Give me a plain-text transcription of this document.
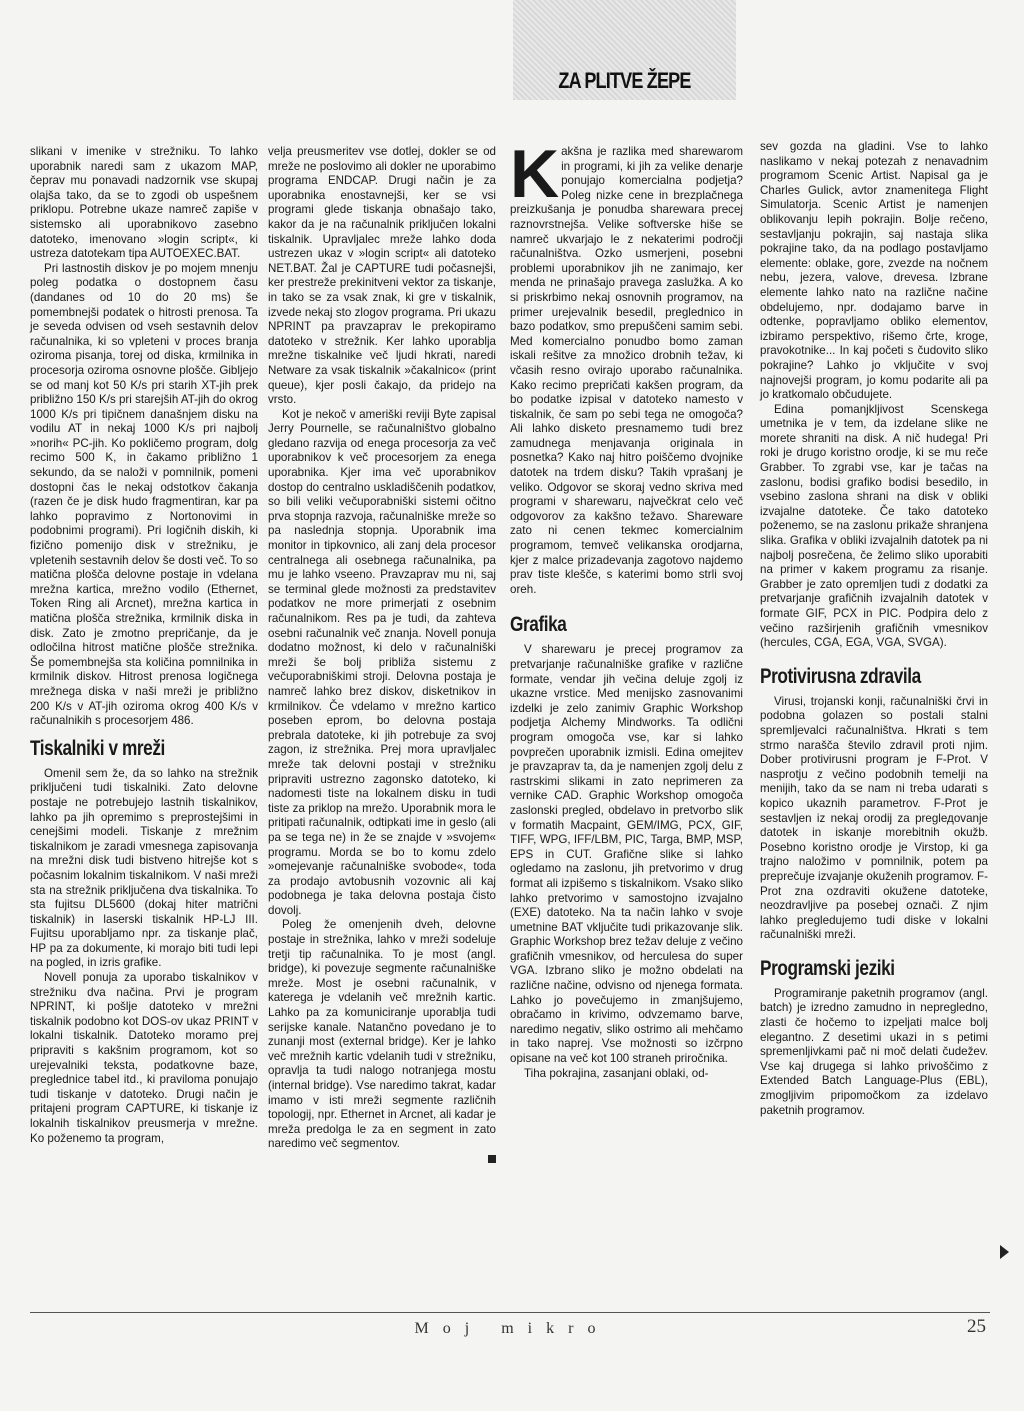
ZA PLITVE ŽEPE

slikani v imenike v strežniku. To lahko uporabnik naredi sam z ukazom MAP, čeprav mu ponavadi nadzornik vse skupaj olajša tako, da se to zgodi ob uspešnem priklopu. Potrebne ukaze namreč zapiše v sistemsko ali uporabnikovo zasebno datoteko, imenovano »login script«, ki ustreza datotekam tipa AUTOEXEC.BAT.

Pri lastnostih diskov je po mojem mnenju poleg podatka o dostopnem času (dandanes od 10 do 20 ms) še pomembnejši podatek o hitrosti prenosa. Ta je seveda odvisen od vseh sestavnih delov računalnika, ki so vpleteni v proces branja oziroma pisanja, torej od diska, krmilnika in procesorja oziroma osnovne plošče. Gibljejo se od manj kot 50 K/s pri starih XT-jih prek približno 150 K/s pri starejših AT-jih do okrog 1000 K/s pri tipičnem današnjem disku na vodilu AT in nekaj 1000 K/s pri najbolj »norih« PC-jih. Ko pokličemo program, dolg recimo 500 K, in čakamo približno 1 sekundo, da se naloži v pomnilnik, pomeni dostopni čas le nekaj odstotkov čakanja (razen če je disk hudo fragmentiran, kar pa lahko popravimo z Nortonovimi in podobnimi programi). Pri logičnih diskih, ki fizično pomenijo disk v strežniku, je vpletenih sestavnih delov še dosti več. To so matična plošča delovne postaje in vdelana mrežna kartica, mrežno vodilo (Ethernet, Token Ring ali Arcnet), mrežna kartica in matična plošča strežnika, krmilnik diska in disk. Zato je zmotno prepričanje, da je odločilna hitrost matične plošče strežnika. Še pomembnejša sta količina pomnilnika in krmilnik diskov. Hitrost prenosa logičnega mrežnega diska v naši mreži je približno 200 K/s v AT-jih oziroma okrog 400 K/s v računalnikih s procesorjem 486.

Tiskalniki v mreži

Omenil sem že, da so lahko na strežnik priključeni tudi tiskalniki. Zato delovne postaje ne potrebujejo lastnih tiskalnikov, lahko pa jih opremimo s preprostejšimi in cenejšimi modeli. Tiskanje z mrežnim tiskalnikom je zaradi vmesnega zapisovanja na mrežni disk tudi bistveno hitrejše kot s počasnim lokalnim tiskalnikom. V naši mreži sta na strežnik priključena dva tiskalnika. To sta fujitsu DL5600 (dokaj hiter matrični tiskalnik) in laserski tiskalnik HP-LJ III. Fujitsu uporabljamo npr. za tiskanje plač, HP pa za dokumente, ki morajo biti tudi lepi na pogled, in izris grafike.

Novell ponuja za uporabo tiskalnikov v strežniku dva načina. Prvi je program NPRINT, ki pošlje datoteko v mrežni tiskalnik podobno kot DOS-ov ukaz PRINT v lokalni tiskalnik. Datoteko moramo prej pripraviti s kakšnim programom, kot so urejevalniki teksta, podatkovne baze, preglednice tabel itd., ki praviloma ponujajo tudi tiskanje v datoteko. Drugi način je pritajeni program CAPTURE, ki tiskanje iz lokalnih tiskalnikov preusmerja v mrežne. Ko poženemo ta program,

velja preusmeritev vse dotlej, dokler se od mreže ne poslovimo ali dokler ne uporabimo programa ENDCAP. Drugi način je za uporabnika enostavnejši, ker se vsi programi glede tiskanja obnašajo tako, kakor da je na računalnik priključen lokalni tiskalnik. Upravljalec mreže lahko doda ustrezen ukaz v »login script« ali datoteko NET.BAT. Žal je CAPTURE tudi počasnejši, ker prestreže prekinitveni vektor za tiskanje, in tako se za vsak znak, ki gre v tiskalnik, izvede nekaj sto zlogov programa. Pri ukazu NPRINT pa pravzaprav le prekopiramo datoteko v strežnik. Ker lahko uporablja mrežne tiskalnike več ljudi hkrati, naredi Netware za vsak tiskalnik »čakalnico« (print queue), kjer posli čakajo, da pridejo na vrsto.

Kot je nekoč v ameriški reviji Byte zapisal Jerry Pournelle, se računalništvo globalno gledano razvija od enega procesorja za več uporabnikov k več procesorjem za enega uporabnika. Kjer ima več uporabnikov dostop do centralno uskladiščenih podatkov, so bili veliki večuporabniški sistemi očitno prva stopnja razvoja, računalniške mreže so pa naslednja stopnja. Uporabnik ima monitor in tipkovnico, ali zanj dela procesor centralnega ali osebnega računalnika, pa mu je lahko vseeno. Pravzaprav mu ni, saj se terminal glede možnosti za predstavitev podatkov ne more primerjati z osebnim računalnikom. Res pa je tudi, da zahteva osebni računalnik več znanja. Novell ponuja dodatno možnost, ki delo v računalniški mreži še bolj približa sistemu z večuporabniškimi stroji. Delovna postaja je namreč lahko brez diskov, disketnikov in krmilnikov. Če vdelamo v mrežno kartico poseben eprom, bo delovna postaja prebrala datoteke, ki jih potrebuje za svoj zagon, iz strežnika. Prej mora upravljalec mreže tak delovni postaji v strežniku pripraviti ustrezno zagonsko datoteko, ki nadomesti tiste na lokalnem disku in tudi tiste za priklop na mrežo. Uporabnik mora le pritipati računalnik, odtipkati ime in geslo (ali pa se tega ne) in že se znajde v »svojem« programu. Morda se bo to komu zdelo »omejevanje računalniške svobode«, toda za prodajo avtobusnih vozovnic ali kaj podobnega je taka delovna postaja čisto dovolj.

Poleg že omenjenih dveh, delovne postaje in strežnika, lahko v mreži sodeluje tretji tip računalnika. To je most (angl. bridge), ki povezuje segmente računalniške mreže. Most je osebni računalnik, v katerega je vdelanih več mrežnih kartic. Lahko pa za komuniciranje uporablja tudi serijske kanale. Natančno povedano je to zunanji most (external bridge). Ker je lahko več mrežnih kartic vdelanih tudi v strežniku, opravlja ta tudi nalogo notranjega mostu (internal bridge). Vse naredimo takrat, kadar imamo v isti mreži segmente različnih topologij, npr. Ethernet in Arcnet, ali kadar je mreža predolga le za en segment in zato naredimo več segmentov.

K akšna je razlika med sharewarom in programi, ki jih za velike denarje ponujajo komercialna podjetja? Poleg nizke cene in brezplačnega preizkušanja je ponudba sharewara precej raznovrstnejša. Velike softverske hiše se namreč ukvarjajo le z nekaterimi področji računalništva. Ozko usmerjeni, posebni problemi uporabnikov jih ne zanimajo, ker menda ne prinašajo pravega zaslužka. A ko si priskrbimo nekaj osnovnih programov, na primer urejevalnik besedil, preglednico in bazo podatkov, smo prepuščeni samim sebi. Med komercialno ponudbo bomo zaman iskali rešitve za množico drobnih težav, ki včasih resno ovirajo uporabo računalnika. Kako recimo prepričati kakšen program, da bo podatke izpisal v datoteko namesto v tiskalnik, če sam po sebi tega ne omogoča? Ali lahko disketo presnamemo tudi brez zamudnega menjavanja originala in posnetka? Kako naj hitro poiščemo dvojnike datotek na trdem disku? Takih vprašanj je veliko. Odgovor se skoraj vedno skriva med programi v sharewaru, največkrat celo več odgovorov za kakšno težavo. Shareware zato ni cenen tekmec komercialnim programom, temveč velikanska orodjarna, kjer z malce prizadevanja zagotovo najdemo prav tiste klešče, s katerimi bomo strli svoj oreh.

Grafika

V sharewaru je precej programov za pretvarjanje računalniške grafike v različne formate, vendar jih večina deluje zgolj iz ukazne vrstice. Med menijsko zasnovanimi izdelki je zelo zanimiv Graphic Workshop podjetja Alchemy Mindworks. Ta odlični program omogoča vse, kar si lahko povprečen uporabnik izmisli. Edina omejitev je pravzaprav ta, da je namenjen zgolj delu z rastrskimi slikami in zato neprimeren za vernike CAD. Graphic Workshop omogoča zaslonski pregled, obdelavo in pretvorbo slik v formatih Macpaint, GEM/IMG, PCX, GIF, TIFF, WPG, IFF/LBM, PIC, Targa, BMP, MSP, EPS in CUT. Grafične slike si lahko ogledamo na zaslonu, jih pretvorimo v drug format ali izpišemo s tiskalnikom. Vsako sliko lahko pretvorimo v samostojno izvajalno (EXE) datoteko. Na ta način lahko v svoje umetnine BAT vključite tudi prikazovanje slik. Graphic Workshop brez težav deluje z večino grafičnih vmesnikov, od herculesa do super VGA. Izbrano sliko je možno obdelati na različne načine, odvisno od njenega formata. Lahko jo povečujemo in zmanjšujemo, obračamo in krivimo, odvzemamo barve, naredimo negativ, sliko ostrimo ali mehčamo in tako naprej. Vse možnosti so izčrpno opisane na več kot 100 straneh priročnika.

Tiha pokrajina, zasanjani oblaki, od-

sev gozda na gladini. Vse to lahko naslikamo v nekaj potezah z nenavadnim programom Scenic Artist. Napisal ga je Charles Gulick, avtor znamenitega Flight Simulatorja. Scenic Artist je namenjen oblikovanju lepih pokrajin. Bolje rečeno, sestavljanju pokrajin, saj nastaja slika pokrajine tako, da na podlago postavljamo elemente: oblake, gore, zvezde na nočnem nebu, jezera, valove, drevesa. Izbrane elemente lahko nato na različne načine obdelujemo, npr. dodajamo barve in odtenke, popravljamo obliko elementov, izbiramo perspektivo, rišemo črte, kroge, pravokotnike... In kaj početi s čudovito sliko pokrajine? Lahko jo vključite v svoj najnovejši program, jo komu podarite ali pa jo kratkomalo občudujete.

Edina pomanjkljivost Scenskega umetnika je v tem, da izdelane slike ne morete shraniti na disk. A nič hudega! Pri roki je drugo koristno orodje, ki se mu reče Grabber. To zgrabi vse, kar je tačas na zaslonu, bodisi grafiko bodisi besedilo, in vsebino zaslona shrani na disk v obliki izvajalne datoteke. Če tako datoteko poženemo, se na zaslonu prikaže shranjena slika. Grafika v obliki izvajalnih datotek pa ni najbolj posrečena, če želimo sliko uporabiti na primer v kakem programu za risanje. Grabber je zato opremljen tudi z dodatki za pretvarjanje grafičnih izvajalnih datotek v formate GIF, PCX in PIC. Podpira delo z večino razširjenih grafičnih vmesnikov (hercules, CGA, EGA, VGA, SVGA).

Protivirusna zdravila

Virusi, trojanski konji, računalniški črvi in podobna golazen so postali stalni spremljevalci računalništva. Hkrati s tem strmo narašča število zdravil proti njim. Dober protivirusni program je F-Prot. V nasprotju z večino podobnih temelji na menijih, tako da se nam ni treba udarati s kopico ukaznih parametrov. F-Prot je sestavljen iz nekaj orodij za preglедovanje datotek in iskanje morebitnih okužb. Posebno koristno orodje je Virstop, ki ga trajno naložimo v pomnilnik, potem pa preprečuje izvajanje okuženih programov. F-Prot zna ozdraviti okužene datoteke, neozdravljive pa posebej označi. Z njim lahko pregledujemo tudi diske v lokalni računalniški mreži.

Programski jeziki

Programiranje paketnih programov (angl. batch) je izredno zamudno in nepregledno, zlasti če hočemo to izpeljati malce bolj elegantno. Z desetimi ukazi in s petimi spremenljivkami pač ni moč delati čudežev. Vse kaj drugega si lahko privoščimo z Extended Batch Language-Plus (EBL), zmogljivim pripomočkom za izdelavo paketnih programov.

Moj mikro	25
